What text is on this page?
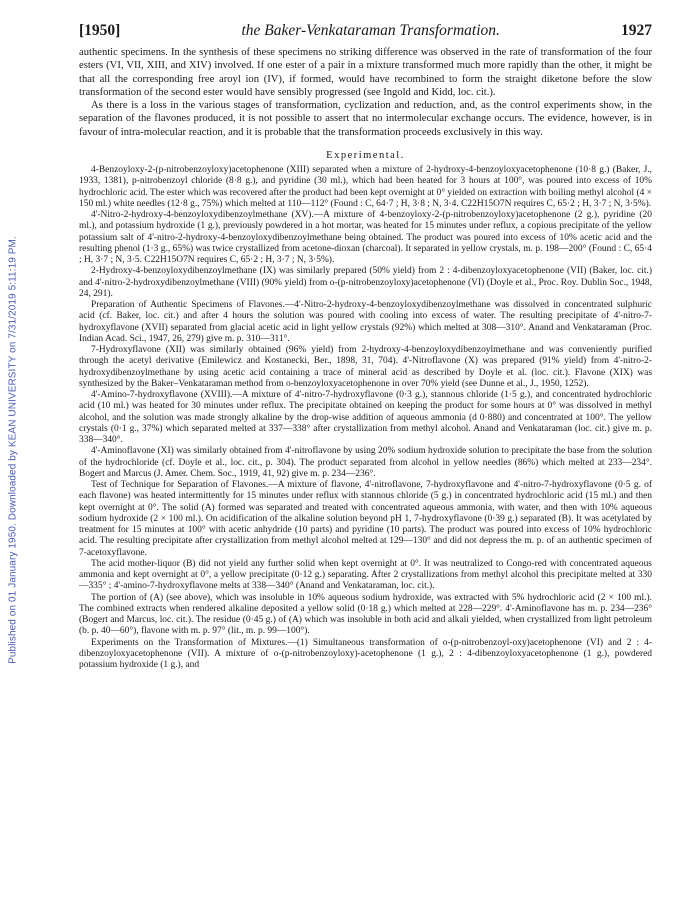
Published on 01 January 1950. Downloaded by KEAN UNIVERSITY on 7/31/2019 5:11:19 PM.
[1950]	the Baker-Venkataraman Transformation.	1927

authentic specimens. In the synthesis of these specimens no striking difference was observed in the rate of transformation of the four esters (VI, VII, XIII, and XIV) involved. If one ester of a pair in a mixture transformed much more rapidly than the other, it might be that all the corresponding free aroyl ion (IV), if formed, would have recombined to form the straight diketone before the slow transformation of the second ester would have sensibly progressed (see Ingold and Kidd, loc. cit.).

As there is a loss in the various stages of transformation, cyclization and reduction, and, as the control experiments show, in the separation of the flavones produced, it is not possible to assert that no intermolecular exchange occurs. The evidence, however, is in favour of intra-molecular reaction, and it is probable that the transformation proceeds exclusively in this way.

Experimental.

4-Benzoyloxy-2-(p-nitrobenzoyloxy)acetophenone (XIII) separated when a mixture of 2-hydroxy-4-benzoyloxyacetophenone (10·8 g.) (Baker, J., 1933, 1381), p-nitrobenzoyl chloride (8·8 g.), and pyridine (30 ml.), which had been heated for 3 hours at 100°, was poured into excess of 10% hydrochloric acid. The ester which was recovered after the product had been kept overnight at 0° yielded on extraction with boiling methyl alcohol (4 × 150 ml.) white needles (12·8 g., 75%) which melted at 110—112° (Found : C, 64·7 ; H, 3·8 ; N, 3·4. C22H15O7N requires C, 65·2 ; H, 3·7 ; N, 3·5%).

4'-Nitro-2-hydroxy-4-benzoyloxydibenzoylmethane (XV).—A mixture of 4-benzoyloxy-2-(p-nitrobenzoyloxy)acetophenone (2 g.), pyridine (20 ml.), and potassium hydroxide (1 g.), previously powdered in a hot mortar, was heated for 15 minutes under reflux, a copious precipitate of the yellow potassium salt of 4'-nitro-2-hydroxy-4-benzoyloxydibenzoylmethane being obtained. The product was poured into excess of 10% acetic acid and the resulting phenol (1·3 g., 65%) was twice crystallized from acetone-dioxan (charcoal). It separated in yellow crystals, m. p. 198—200° (Found : C, 65·4 ; H, 3·7 ; N, 3·5. C22H15O7N requires C, 65·2 ; H, 3·7 ; N, 3·5%).

2-Hydroxy-4-benzoyloxydibenzoylmethane (IX) was similarly prepared (50% yield) from 2 : 4-dibenzoyloxyacetophenone (VII) (Baker, loc. cit.) and 4'-nitro-2-hydroxydibenzoylmethane (VIII) (90% yield) from o-(p-nitrobenzoyloxy)acetophenone (VI) (Doyle et al., Proc. Roy. Dublin Soc., 1948, 24, 291).

Preparation of Authentic Specimens of Flavones.—4'-Nitro-2-hydroxy-4-benzoyloxydibenzoylmethane was dissolved in concentrated sulphuric acid (cf. Baker, loc. cit.) and after 4 hours the solution was poured with cooling into excess of water. The resulting precipitate of 4'-nitro-7-hydroxyflavone (XVII) separated from glacial acetic acid in light yellow crystals (92%) which melted at 308—310°. Anand and Venkataraman (Proc. Indian Acad. Sci., 1947, 26, 279) give m. p. 310—311°.

7-Hydroxyflavone (XII) was similarly obtained (96% yield) from 2-hydroxy-4-benzoyloxydibenzoylmethane and was conveniently purified through the acetyl derivative (Emilewicz and Kostanecki, Ber., 1898, 31, 704). 4'-Nitroflavone (X) was prepared (91% yield) from 4'-nitro-2-hydroxydibenzoylmethane by using acetic acid containing a trace of mineral acid as described by Doyle et al. (loc. cit.). Flavone (XIX) was synthesized by the Baker–Venkataraman method from o-benzoyloxyacetophenone in over 70% yield (see Dunne et al., J., 1950, 1252).

4'-Amino-7-hydroxyflavone (XVIII).—A mixture of 4'-nitro-7-hydroxyflavone (0·3 g.), stannous chloride (1·5 g.), and concentrated hydrochloric acid (10 ml.) was heated for 30 minutes under reflux. The precipitate obtained on keeping the product for some hours at 0° was dissolved in methyl alcohol, and the solution was made strongly alkaline by the drop-wise addition of aqueous ammonia (d 0·880) and concentrated at 100°. The yellow crystals (0·1 g., 37%) which separated melted at 337—338° after crystallization from methyl alcohol. Anand and Venkataraman (loc. cit.) give m. p. 338—340°.

4'-Aminoflavone (XI) was similarly obtained from 4'-nitroflavone by using 20% sodium hydroxide solution to precipitate the base from the solution of the hydrochloride (cf. Doyle et al., loc. cit., p. 304). The product separated from alcohol in yellow needles (86%) which melted at 233—234°. Bogert and Marcus (J. Amer. Chem. Soc., 1919, 41, 92) give m. p. 234—236°.

Test of Technique for Separation of Flavones.—A mixture of flavone, 4'-nitroflavone, 7-hydroxyflavone and 4'-nitro-7-hydroxyflavone (0·5 g. of each flavone) was heated intermittently for 15 minutes under reflux with stannous chloride (5 g.) in concentrated hydrochloric acid (15 ml.) and then kept overnight at 0°. The solid (A) formed was separated and treated with concentrated aqueous ammonia, with water, and then with 10% aqueous sodium hydroxide (2 × 100 ml.). On acidification of the alkaline solution beyond pH 1, 7-hydroxyflavone (0·39 g.) separated (B). It was acetylated by treatment for 15 minutes at 100° with acetic anhydride (10 parts) and pyridine (10 parts). The product was poured into excess of 10% hydrochloric acid. The resulting precipitate after crystallization from methyl alcohol melted at 129—130° and did not depress the m. p. of an authentic specimen of 7-acetoxyflavone.

The acid mother-liquor (B) did not yield any further solid when kept overnight at 0°. It was neutralized to Congo-red with concentrated aqueous ammonia and kept overnight at 0°, a yellow precipitate (0·12 g.) separating. After 2 crystallizations from methyl alcohol this precipitate melted at 330—335° ; 4'-amino-7-hydroxyflavone melts at 338—340° (Anand and Venkataraman, loc. cit.).

The portion of (A) (see above), which was insoluble in 10% aqueous sodium hydroxide, was extracted with 5% hydrochloric acid (2 × 100 ml.). The combined extracts when rendered alkaline deposited a yellow solid (0·18 g.) which melted at 228—229°. 4'-Aminoflavone has m. p. 234—236° (Bogert and Marcus, loc. cit.). The residue (0·45 g.) of (A) which was insoluble in both acid and alkali yielded, when crystallized from light petroleum (b. p. 40—60°), flavone with m. p. 97° (lit., m. p. 99—100°).

Experiments on the Transformation of Mixtures.—(1) Simultaneous transformation of o-(p-nitrobenzoyl-oxy)acetophenone (VI) and 2 : 4-dibenzoyloxyacetophenone (VII). A mixture of o-(p-nitrobenzoyloxy)-acetophenone (1 g.), 2 : 4-dibenzoyloxyacetophenone (1 g.), powdered potassium hydroxide (1 g.), and
